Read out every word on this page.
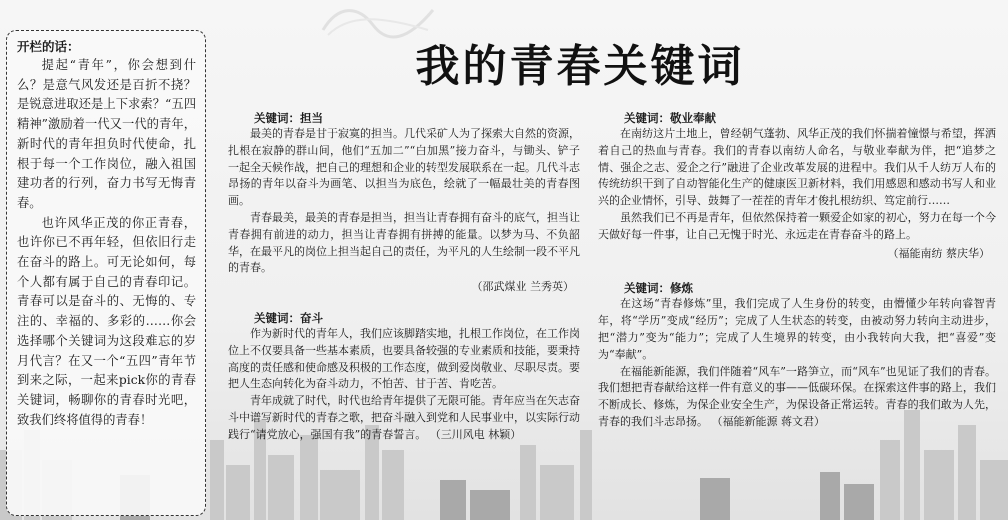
开栏的话：

提起“青年”，你会想到什么？是意气风发还是百折不挠？是锐意进取还是上下求索？“五四精神”激励着一代又一代的青年，新时代的青年担负时代使命，扎根于每一个工作岗位，融入祖国建功者的行列，奋力书写无悔青春。

也许风华正茂的你正青春，也许你已不再年轻，但依旧行走在奋斗的路上。可无论如何，每个人都有属于自己的青春印记。青春可以是奋斗的、无悔的、专注的、幸福的、多彩的……你会选择哪个关键词为这段难忘的岁月代言？在又一个“五四”青年节到来之际，一起来pick你的青春关键词，畅聊你的青春时光吧，致我们终将值得的青春！

我的青春关键词
关键词：担当

最美的青春是甘于寂寞的担当。几代采矿人为了探索大自然的资源，扎根在寂静的群山间，他们“五加二”“白加黑”接力奋斗，与锄头、铲子一起全天候作战，把自己的理想和企业的转型发展联系在一起。几代斗志昂扬的青年以奋斗为画笔、以担当为底色，绘就了一幅最壮美的青春图画。

青春最美，最美的青春是担当，担当让青春拥有奋斗的底气，担当让青春拥有前进的动力，担当让青春拥有拼搏的能量。以梦为马、不负韶华，在最平凡的岗位上担当起自己的责任，为平凡的人生绘制一段不平凡的青春。

（邵武煤业 兰秀英）
关键词：奋斗

作为新时代的青年人，我们应该脚踏实地，扎根工作岗位，在工作岗位上不仅要具备一些基本素质，也要具备较强的专业素质和技能，要秉持高度的责任感和使命感及积极的工作态度，做到爱岗敬业、尽职尽责。要把人生态向转化为奋斗动力，不怕苦、甘于苦、肯吃苦。

青年成就了时代，时代也给青年提供了无限可能。青年应当在矢志奋斗中谱写新时代的青春之歌，把奋斗融入到党和人民事业中，以实际行动践行“请党放心，强国有我”的青春誓言。 （三川风电 林颖）

关键词：敬业奉献

在南纺这片土地上，曾经朝气蓬勃、风华正茂的我们怀揣着憧憬与希望，挥洒着自己的热血与青春。我们的青春以南纺人命名，与敬业奉献为伴，把“追梦之情、强企之志、爱企之行”融进了企业改革发展的进程中。我们从千人纺万人布的传统纺织干到了自动智能化生产的健康医卫新材料，我们用感恩和感动书写人和业兴的企业情怀，引导、鼓舞了一茬茬的青年才俊扎根纺织、笃定前行……

虽然我们已不再是青年，但依然保持着一颗爱企如家的初心，努力在每一个今天做好每一件事，让自己无愧于时光、永远走在青春奋斗的路上。

（福能南纺 蔡庆华）
关键词：修炼

在这场“青春修炼”里，我们完成了人生身份的转变，由懵懂少年转向睿智青年，将“学历”变成“经历”；完成了人生状态的转变，由被动努力转向主动进步，把“潜力”变为“能力”；完成了人生境界的转变，由小我转向大我，把“喜爱”变为“奉献”。

在福能新能源，我们伴随着“风车”一路笋立，而“风车”也见证了我们的青春。我们想把青春献给这样一件有意义的事——低碳环保。在探索这件事的路上，我们不断成长、修炼，为保企业安全生产，为保设备正常运转。青春的我们敢为人先，青春的我们斗志昂扬。 （福能新能源 蒋文君）
